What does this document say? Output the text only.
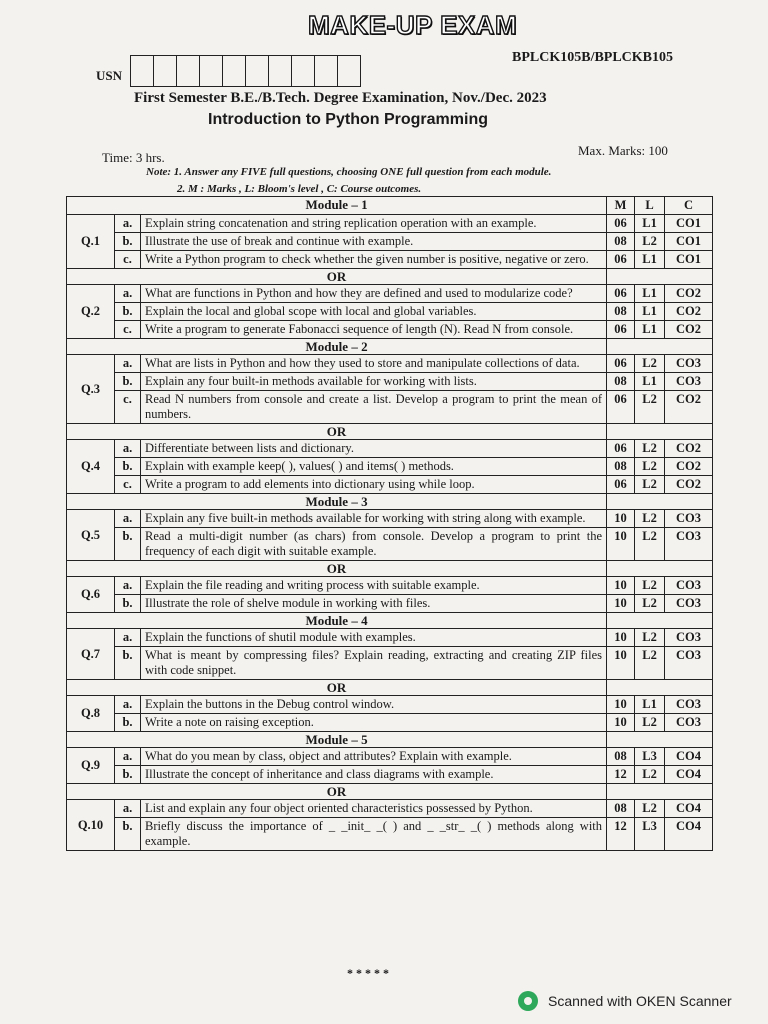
MAKE-UP EXAM
BPLCK105B/BPLCKB105
USN
First Semester B.E./B.Tech. Degree Examination, Nov./Dec. 2023
Introduction to Python Programming
Time: 3 hrs.	Max. Marks: 100
Note: 1. Answer any FIVE full questions, choosing ONE full question from each module.
2. M : Marks , L: Bloom's level , C: Course outcomes.
Module – 1			M	L	C
Q.1	a.	Explain string concatenation and string replication operation with an example.	06	L1	CO1
	b.	Illustrate the use of break and continue with example.	08	L2	CO1
	c.	Write a Python program to check whether the given number is positive, negative or zero.	06	L1	CO1
OR					
Q.2	a.	What are functions in Python and how they are defined and used to modularize code?	06	L1	CO2
	b.	Explain the local and global scope with local and global variables.	08	L1	CO2
	c.	Write a program to generate Fabonacci sequence of length (N). Read N from console.	06	L1	CO2
Module – 2					
Q.3	a.	What are lists in Python and how they used to store and manipulate collections of data.	06	L2	CO3
	b.	Explain any four built-in methods available for working with lists.	08	L1	CO3
	c.	Read N numbers from console and create a list. Develop a program to print the mean of numbers.	06	L2	CO2
OR					
Q.4	a.	Differentiate between lists and dictionary.	06	L2	CO2
	b.	Explain with example keep( ), values( ) and items( ) methods.	08	L2	CO2
	c.	Write a program to add elements into dictionary using while loop.	06	L2	CO2
Module – 3					
Q.5	a.	Explain any five built-in methods available for working with string along with example.	10	L2	CO3
	b.	Read a multi-digit number (as chars) from console. Develop a program to print the frequency of each digit with suitable example.	10	L2	CO3
OR					
Q.6	a.	Explain the file reading and writing process with suitable example.	10	L2	CO3
	b.	Illustrate the role of shelve module in working with files.	10	L2	CO3
Module – 4					
Q.7	a.	Explain the functions of shutil module with examples.	10	L2	CO3
	b.	What is meant by compressing files? Explain reading, extracting and creating ZIP files with code snippet.	10	L2	CO3
OR					
Q.8	a.	Explain the buttons in the Debug control window.	10	L1	CO3
	b.	Write a note on raising exception.	10	L2	CO3
Module – 5					
Q.9	a.	What do you mean by class, object and attributes? Explain with example.	08	L3	CO4
	b.	Illustrate the concept of inheritance and class diagrams with example.	12	L2	CO4
OR					
Q.10	a.	List and explain any four object oriented characteristics possessed by Python.	08	L2	CO4
	b.	Briefly discuss the importance of _ _init_ _( ) and _ _str_ _( ) methods along with example.	12	L3	CO4
* * * * *
Scanned with OKEN Scanner
